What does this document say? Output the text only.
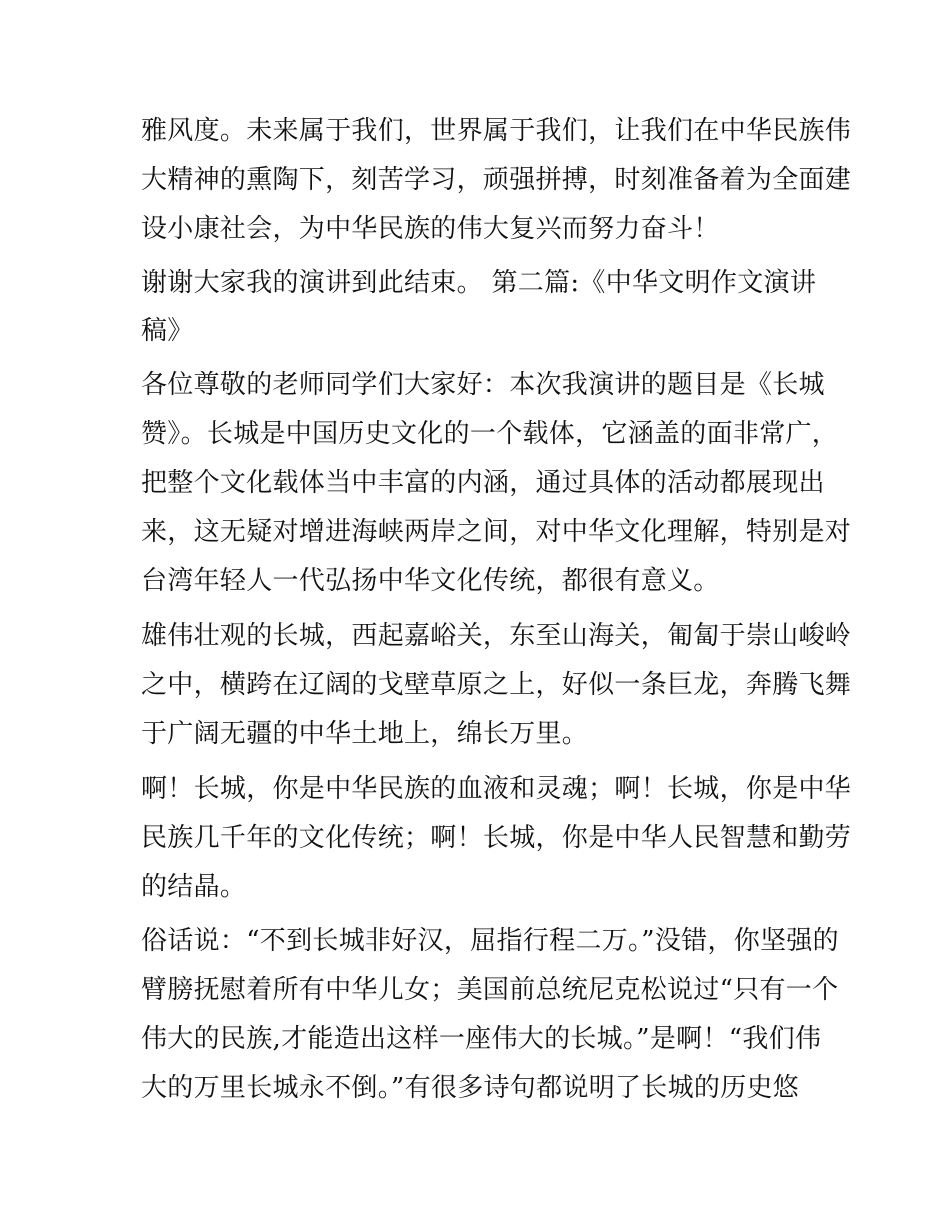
雅风度。未来属于我们，世界属于我们，让我们在中华民族伟
大精神的熏陶下，刻苦学习，顽强拼搏，时刻准备着为全面建
设小康社会，为中华民族的伟大复兴而努力奋斗！
谢谢大家我的演讲到此结束。 第二篇:《中华文明作文演讲
稿》
各位尊敬的老师同学们大家好：本次我演讲的题目是《长城
赞》。长城是中国历史文化的一个载体，它涵盖的面非常广，
把整个文化载体当中丰富的内涵，通过具体的活动都展现出
来，这无疑对增进海峡两岸之间，对中华文化理解，特别是对
台湾年轻人一代弘扬中华文化传统，都很有意义。
雄伟壮观的长城，西起嘉峪关，东至山海关，匍匐于崇山峻岭
之中，横跨在辽阔的戈壁草原之上，好似一条巨龙，奔腾飞舞
于广阔无疆的中华土地上，绵长万里。
啊！长城，你是中华民族的血液和灵魂；啊！长城，你是中华
民族几千年的文化传统；啊！长城，你是中华人民智慧和勤劳
的结晶。
俗话说：“不到长城非好汉，屈指行程二万。”没错，你坚强的
臂膀抚慰着所有中华儿女；美国前总统尼克松说过“只有一个
伟大的民族,才能造出这样一座伟大的长城。”是啊！“我们伟
大的万里长城永不倒。”有很多诗句都说明了长城的历史悠
